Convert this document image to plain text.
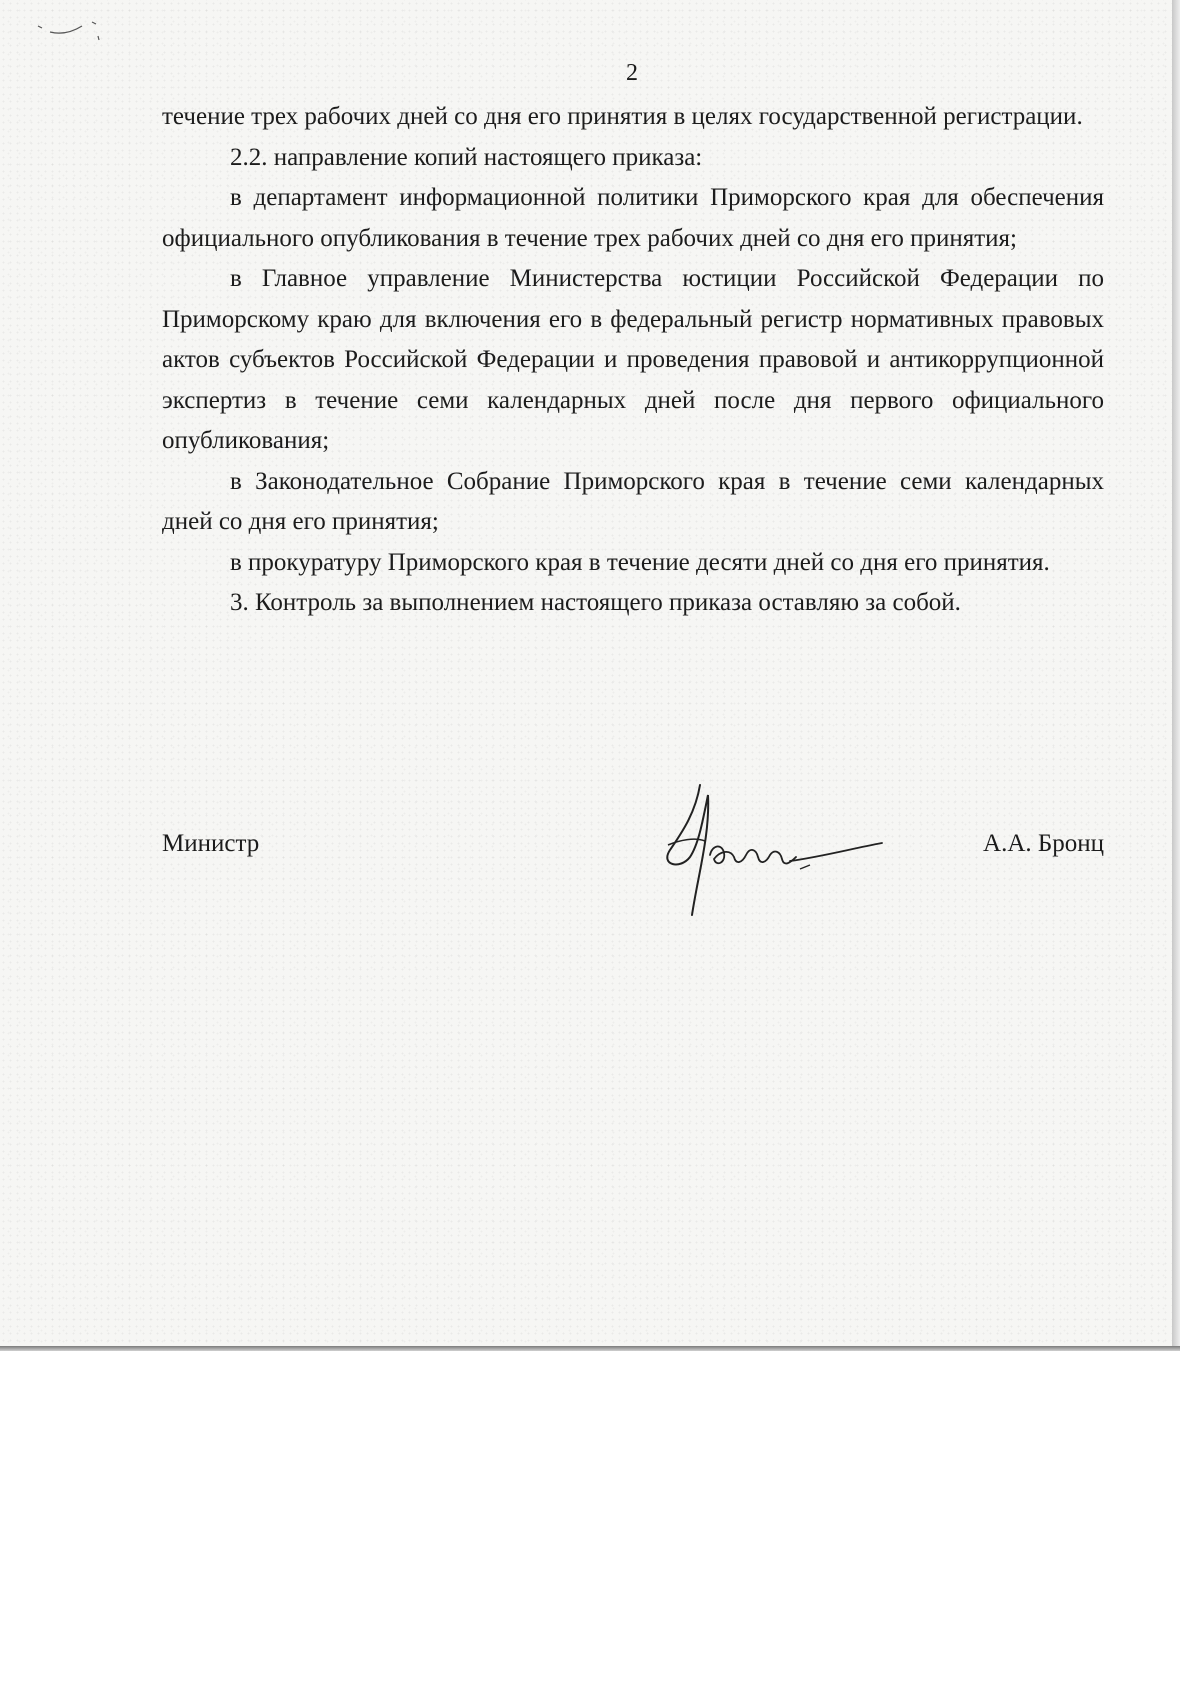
2

течение трех рабочих дней со дня его принятия в целях государственной регистрации.

2.2. направление копий настоящего приказа:

в департамент информационной политики Приморского края для обеспечения официального опубликования в течение трех рабочих дней со дня его принятия;

в Главное управление Министерства юстиции Российской Федерации по Приморскому краю для включения его в федеральный регистр нормативных правовых актов субъектов Российской Федерации и проведения правовой и антикоррупционной экспертиз в течение семи календарных дней после дня первого официального опубликования;

в Законодательное Собрание Приморского края в течение семи календарных дней со дня его принятия;

в прокуратуру Приморского края в течение десяти дней со дня его принятия.

3. Контроль за выполнением настоящего приказа оставляю за собой.

Министр	А.А. Бронц
